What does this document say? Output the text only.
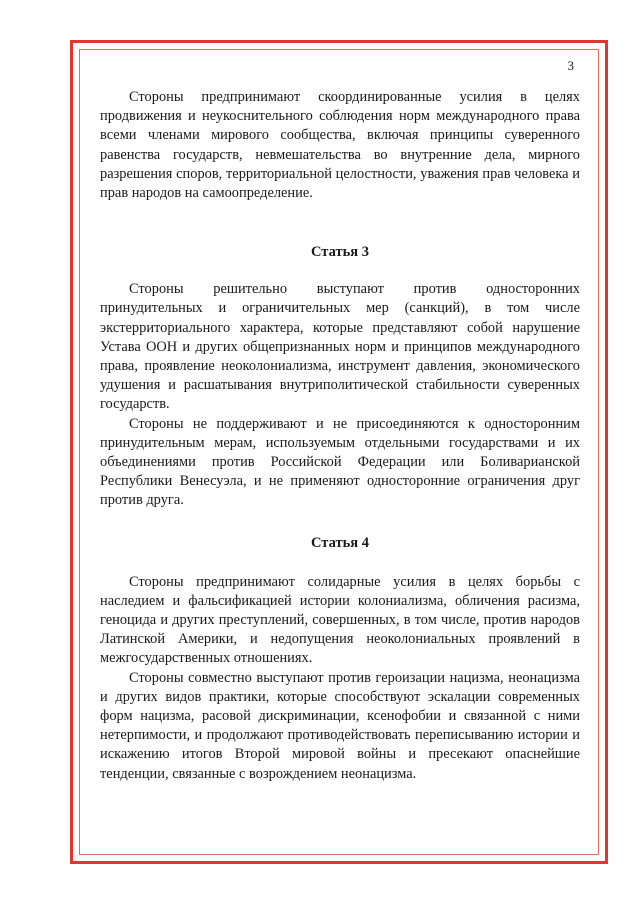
3

Стороны предпринимают скоординированные усилия в целях продвижения и неукоснительного соблюдения норм международного права всеми членами мирового сообщества, включая принципы суверенного равенства государств, невмешательства во внутренние дела, мирного разрешения споров, территориальной целостности, уважения прав человека и прав народов на самоопределение.

Статья 3

Стороны решительно выступают против односторонних принудительных и ограничительных мер (санкций), в том числе экстерриториального характера, которые представляют собой нарушение Устава ООН и других общепризнанных норм и принципов международного права, проявление неоколониализма, инструмент давления, экономического удушения и расшатывания внутриполитической стабильности суверенных государств.

Стороны не поддерживают и не присоединяются к односторонним принудительным мерам, используемым отдельными государствами и их объединениями против Российской Федерации или Боливарианской Республики Венесуэла, и не применяют односторонние ограничения друг против друга.

Статья 4

Стороны предпринимают солидарные усилия в целях борьбы с наследием и фальсификацией истории колониализма, обличения расизма, геноцида и других преступлений, совершенных, в том числе, против народов Латинской Америки, и недопущения неоколониальных проявлений в межгосударственных отношениях.

Стороны совместно выступают против героизации нацизма, неонацизма и других видов практики, которые способствуют эскалации современных форм нацизма, расовой дискриминации, ксенофобии и связанной с ними нетерпимости, и продолжают противодействовать переписыванию истории и искажению итогов Второй мировой войны и пресекают опаснейшие тенденции, связанные с возрождением неонацизма.
